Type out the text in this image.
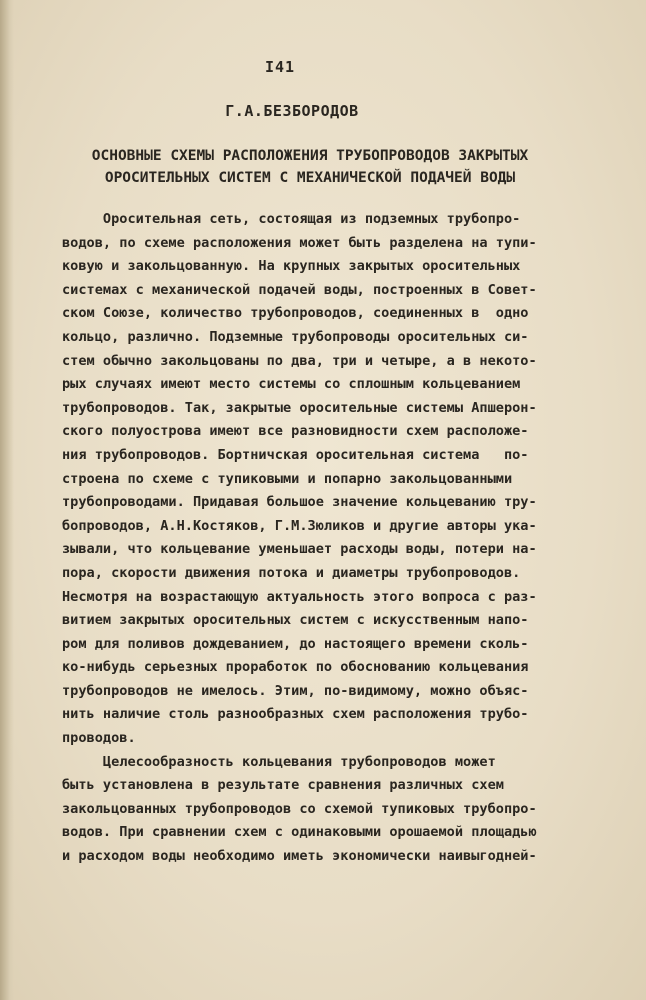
I41
Г.А.БЕЗБОРОДОВ
ОСНОВНЫЕ СХЕМЫ РАСПОЛОЖЕНИЯ ТРУБОПРОВОДОВ ЗАКРЫТЫХ
ОРОСИТЕЛЬНЫХ СИСТЕМ С МЕХАНИЧЕСКОЙ ПОДАЧЕЙ ВОДЫ
Оросительная сеть, состоящая из подземных трубопро-
водов, по схеме расположения может быть разделена на тупи-
ковую и закольцованную. На крупных закрытых оросительных
системах с механической подачей воды, построенных в Совет-
ском Союзе, количество трубопроводов, соединенных в  одно
кольцо, различно. Подземные трубопроводы оросительных си-
стем обычно закольцованы по два, три и четыре, а в некото-
рых случаях имеют место системы со сплошным кольцеванием
трубопроводов. Так, закрытые оросительные системы Апшерон-
ского полуострова имеют все разновидности схем расположе-
ния трубопроводов. Бортничская оросительная система   по-
строена по схеме с тупиковыми и попарно закольцованными
трубопроводами. Придавая большое значение кольцеванию тру-
бопроводов, А.Н.Костяков, Г.М.Зюликов и другие авторы ука-
зывали, что кольцевание уменьшает расходы воды, потери на-
пора, скорости движения потока и диаметры трубопроводов.
Несмотря на возрастающую актуальность этого вопроса с раз-
витием закрытых оросительных систем с искусственным напо-
ром для поливов дождеванием, до настоящего времени сколь-
ко-нибудь серьезных проработок по обоснованию кольцевания
трубопроводов не имелось. Этим, по-видимому, можно объяс-
нить наличие столь разнообразных схем расположения трубо-
проводов.
Целесообразность кольцевания трубопроводов может
быть установлена в результате сравнения различных схем
закольцованных трубопроводов со схемой тупиковых трубопро-
водов. При сравнении схем с одинаковыми орошаемой площадью
и расходом воды необходимо иметь экономически наивыгодней-
